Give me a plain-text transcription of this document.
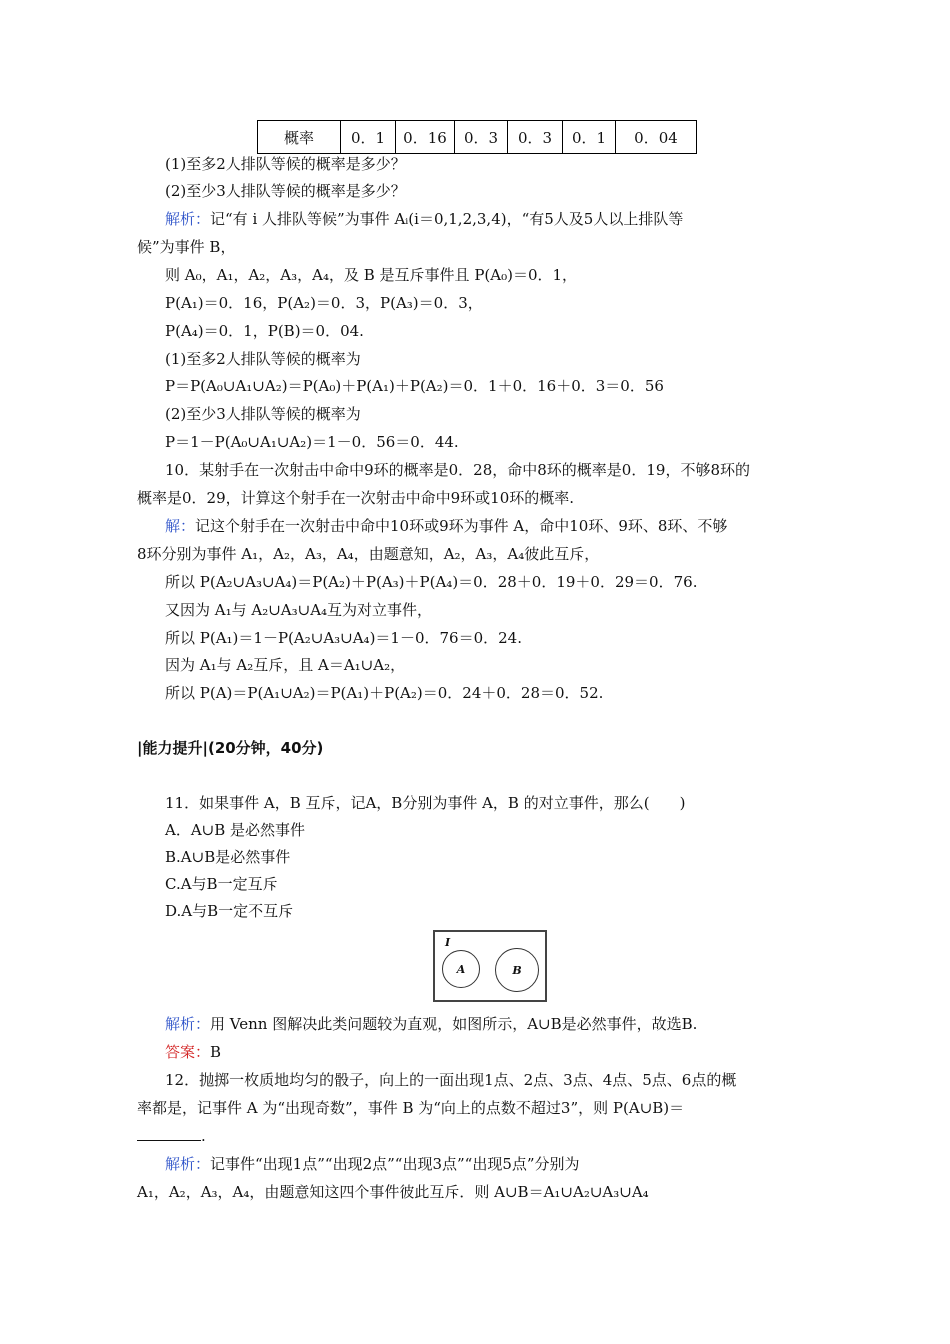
概率	0．1	0．16	0．3	0．3	0．1	0．04
(1)至多2人排队等候的概率是多少？
(2)至少3人排队等候的概率是多少？
解析：记“有 i 人排队等候”为事件 Aᵢ(i＝0,1,2,3,4)，“有5人及5人以上排队等
候”为事件 B，
则 A₀，A₁，A₂，A₃，A₄，及 B 是互斥事件且 P(A₀)＝0．1，
P(A₁)＝0．16，P(A₂)＝0．3，P(A₃)＝0．3，
P(A₄)＝0．1，P(B)＝0．04.
(1)至多2人排队等候的概率为
P＝P(A₀∪A₁∪A₂)＝P(A₀)＋P(A₁)＋P(A₂)＝0．1＋0．16＋0．3＝0．56
(2)至少3人排队等候的概率为
P＝1－P(A₀∪A₁∪A₂)＝1－0．56＝0．44.
10．某射手在一次射击中命中9环的概率是0．28，命中8环的概率是0．19，不够8环的
概率是0．29，计算这个射手在一次射击中命中9环或10环的概率.
解：记这个射手在一次射击中命中10环或9环为事件 A，命中10环、9环、8环、不够
8环分别为事件 A₁，A₂，A₃，A₄，由题意知，A₂，A₃，A₄彼此互斥，
所以 P(A₂∪A₃∪A₄)＝P(A₂)＋P(A₃)＋P(A₄)＝0．28＋0．19＋0．29＝0．76.
又因为 A₁与 A₂∪A₃∪A₄互为对立事件，
所以 P(A₁)＝1－P(A₂∪A₃∪A₄)＝1－0．76＝0．24.
因为 A₁与 A₂互斥，且 A＝A₁∪A₂，
所以 P(A)＝P(A₁∪A₂)＝P(A₁)＋P(A₂)＝0．24＋0．28＝0．52.
|能力提升|(20分钟，40分)
11．如果事件 A，B 互斥，记A，B分别为事件 A，B 的对立事件，那么(　　)
A．A∪B 是必然事件
B.A∪B是必然事件
C.A与B一定互斥
D.A与B一定不互斥
I
A	B
解析：用 Venn 图解决此类问题较为直观，如图所示，A∪B是必然事件，故选B.
答案：B
12．抛掷一枚质地均匀的骰子，向上的一面出现1点、2点、3点、4点、5点、6点的概
率都是，记事件 A 为“出现奇数”，事件 B 为“向上的点数不超过3”，则 P(A∪B)＝
.
解析：记事件“出现1点”“出现2点”“出现3点”“出现5点”分别为
A₁，A₂，A₃，A₄，由题意知这四个事件彼此互斥．则 A∪B＝A₁∪A₂∪A₃∪A₄
